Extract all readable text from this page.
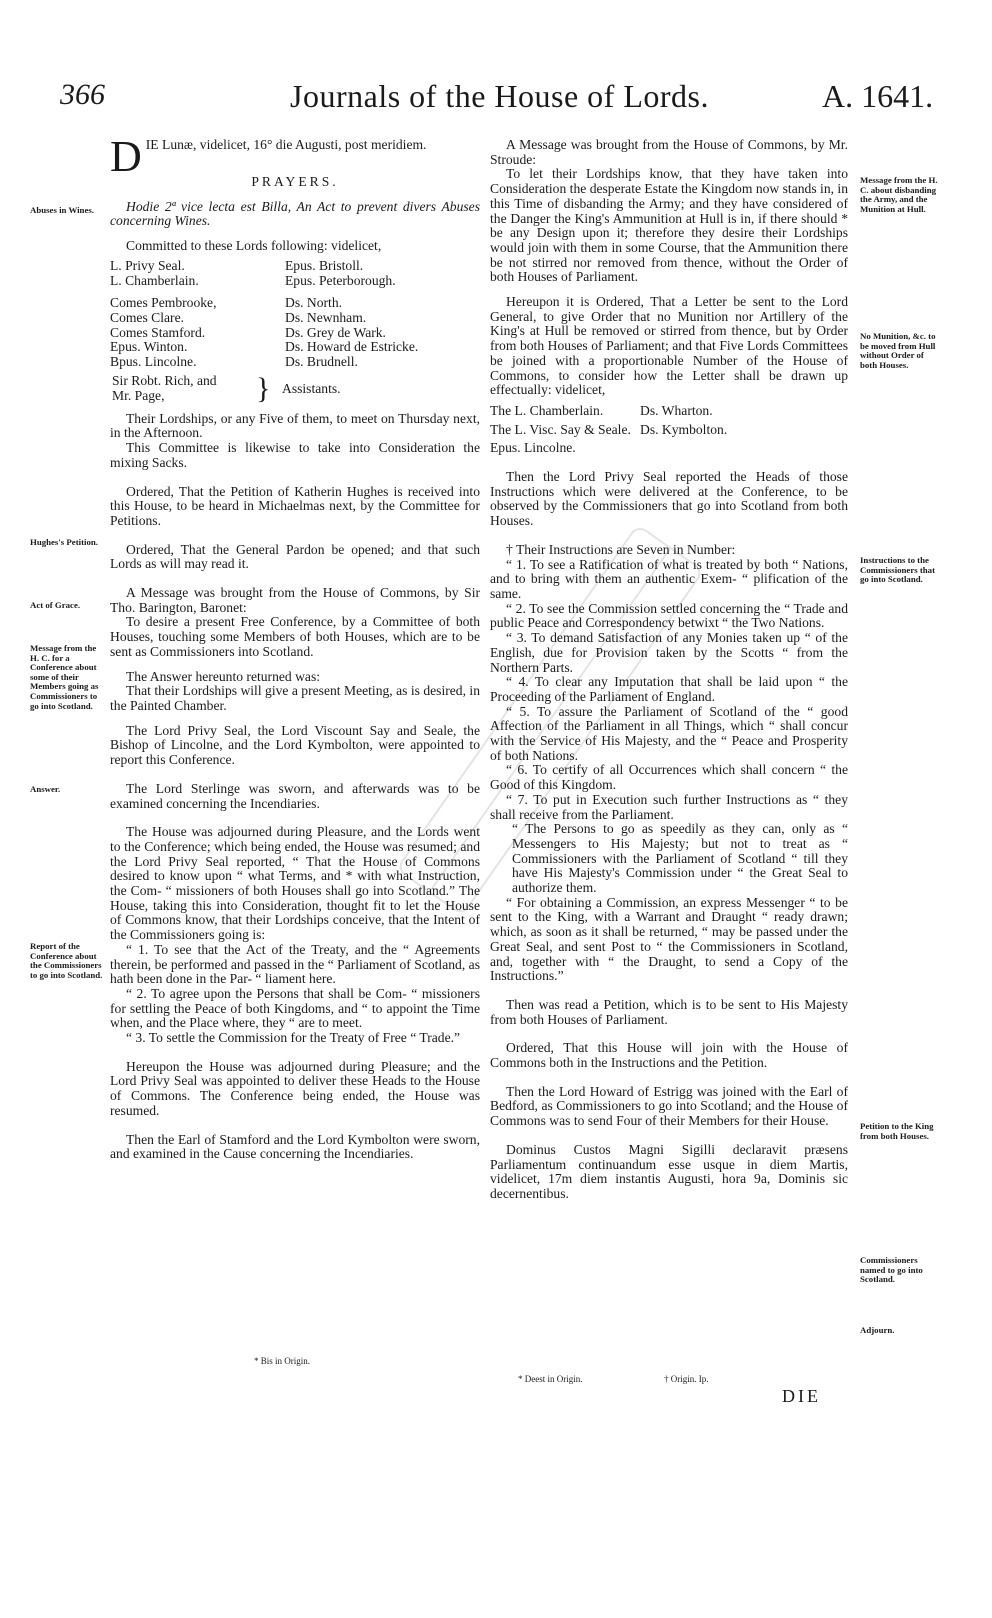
366	Journals of the House of Lords.	A. 1641.
Abuses in Wines.
Hughes's Petition.
Act of Grace.
Message from the H. C. for a Conference about some of their Members going as Commissioners to go into Scotland.
Answer.
Report of the Conference about the Commissioners to go into Scotland.
Message from the H. C. about disbanding the Army, and the Munition at Hull.
No Munition, &c. to be moved from Hull without Order of both Houses.
Instructions to the Commissioners that go into Scotland.
Petition to the King from both Houses.
Commissioners named to go into Scotland.
Adjourn.

DIE Lunæ, videlicet, 16° die Augusti, post meridiem.

PRAYERS.

Hodie 2ª vice lecta est Billa, An Act to prevent divers Abuses concerning Wines.

Committed to these Lords following: videlicet,

L. Privy Seal.	Epus. Bristoll.
L. Chamberlain.	Epus. Peterborough.
Comes Pembrooke,	Ds. North.
Comes Clare.	Ds. Newnham.
Comes Stamford.	Ds. Grey de Wark.
Epus. Winton.	Ds. Howard de Estricke.
Bpus. Lincolne.	Ds. Brudnell.
Sir Robt. Rich, and
Mr. Page,	} Assistants.

Their Lordships, or any Five of them, to meet on Thursday next, in the Afternoon.

This Committee is likewise to take into Consideration the mixing Sacks.

Ordered, That the Petition of Katherin Hughes is received into this House, to be heard in Michaelmas next, by the Committee for Petitions.

Ordered, That the General Pardon be opened; and that such Lords as will may read it.

A Message was brought from the House of Commons, by Sir Tho. Barington, Baronet:

To desire a present Free Conference, by a Committee of both Houses, touching some Members of both Houses, which are to be sent as Commissioners into Scotland.

The Answer hereunto returned was:

That their Lordships will give a present Meeting, as is desired, in the Painted Chamber.

The Lord Privy Seal, the Lord Viscount Say and Seale, the Bishop of Lincolne, and the Lord Kymbolton, were appointed to report this Conference.

The Lord Sterlinge was sworn, and afterwards was to be examined concerning the Incendiaries.

The House was adjourned during Pleasure, and the Lords went to the Conference; which being ended, the House was resumed; and the Lord Privy Seal reported, “ That the House of Commons desired to know upon “ what Terms, and * with what Instruction, the Com- “ missioners of both Houses shall go into Scotland.” The House, taking this into Consideration, thought fit to let the House of Commons know, that their Lordships conceive, that the Intent of the Commissioners going is:

“ 1. To see that the Act of the Treaty, and the “ Agreements therein, be performed and passed in the “ Parliament of Scotland, as hath been done in the Par- “ liament here.

“ 2. To agree upon the Persons that shall be Com- “ missioners for settling the Peace of both Kingdoms, and “ to appoint the Time when, and the Place where, they “ are to meet.

“ 3. To settle the Commission for the Treaty of Free “ Trade.”

Hereupon the House was adjourned during Pleasure; and the Lord Privy Seal was appointed to deliver these Heads to the House of Commons. The Conference being ended, the House was resumed.

Then the Earl of Stamford and the Lord Kymbolton were sworn, and examined in the Cause concerning the Incendiaries.

* Bis in Origin.

A Message was brought from the House of Commons, by Mr. Stroude:

To let their Lordships know, that they have taken into Consideration the desperate Estate the Kingdom now stands in, in this Time of disbanding the Army; and they have considered of the Danger the King's Ammunition at Hull is in, if there should * be any Design upon it; therefore they desire their Lordships would join with them in some Course, that the Ammunition there be not stirred nor removed from thence, without the Order of both Houses of Parliament.

Hereupon it is Ordered, That a Letter be sent to the Lord General, to give Order that no Munition nor Artillery of the King's at Hull be removed or stirred from thence, but by Order from both Houses of Parliament; and that Five Lords Committees be joined with a proportionable Number of the House of Commons, to consider how the Letter shall be drawn up effectually: videlicet,

The L. Chamberlain.	Ds. Wharton.
The L. Visc. Say & Seale. Ds. Kymbolton.
Epus. Lincolne.

Then the Lord Privy Seal reported the Heads of those Instructions which were delivered at the Conference, to be observed by the Commissioners that go into Scotland from both Houses.

† Their Instructions are Seven in Number:

“ 1. To see a Ratification of what is treated by both “ Nations, and to bring with them an authentic Exem- “ plification of the same.

“ 2. To see the Commission settled concerning the “ Trade and public Peace and Correspondency betwixt “ the Two Nations.

“ 3. To demand Satisfaction of any Monies taken up “ of the English, due for Provision taken by the Scotts “ from the Northern Parts.

“ 4. To clear any Imputation that shall be laid upon “ the Proceeding of the Parliament of England.

“ 5. To assure the Parliament of Scotland of the “ good Affection of the Parliament in all Things, which “ shall concur with the Service of His Majesty, and the “ Peace and Prosperity of both Nations.

“ 6. To certify of all Occurrences which shall concern “ the Good of this Kingdom.

“ 7. To put in Execution such further Instructions as “ they shall receive from the Parliament.

“ The Persons to go as speedily as they can, only as “ Messengers to His Majesty; but not to treat as “ Commissioners with the Parliament of Scotland “ till they have His Majesty's Commission under “ the Great Seal to authorize them.

“ For obtaining a Commission, an express Messenger “ to be sent to the King, with a Warrant and Draught “ ready drawn; which, as soon as it shall be returned, “ may be passed under the Great Seal, and sent Post to “ the Commissioners in Scotland, and, together with “ the Draught, to send a Copy of the Instructions.”

Then was read a Petition, which is to be sent to His Majesty from both Houses of Parliament.

Ordered, That this House will join with the House of Commons both in the Instructions and the Petition.

Then the Lord Howard of Estrigg was joined with the Earl of Bedford, as Commissioners to go into Scotland; and the House of Commons was to send Four of their Members for their House.

Dominus Custos Magni Sigilli declaravit præsens Parliamentum continuandum esse usque in diem Martis, videlicet, 17m diem instantis Augusti, hora 9a, Dominis sic decernentibus.

* Deest in Origin.	† Origin. Ip.
DIE
